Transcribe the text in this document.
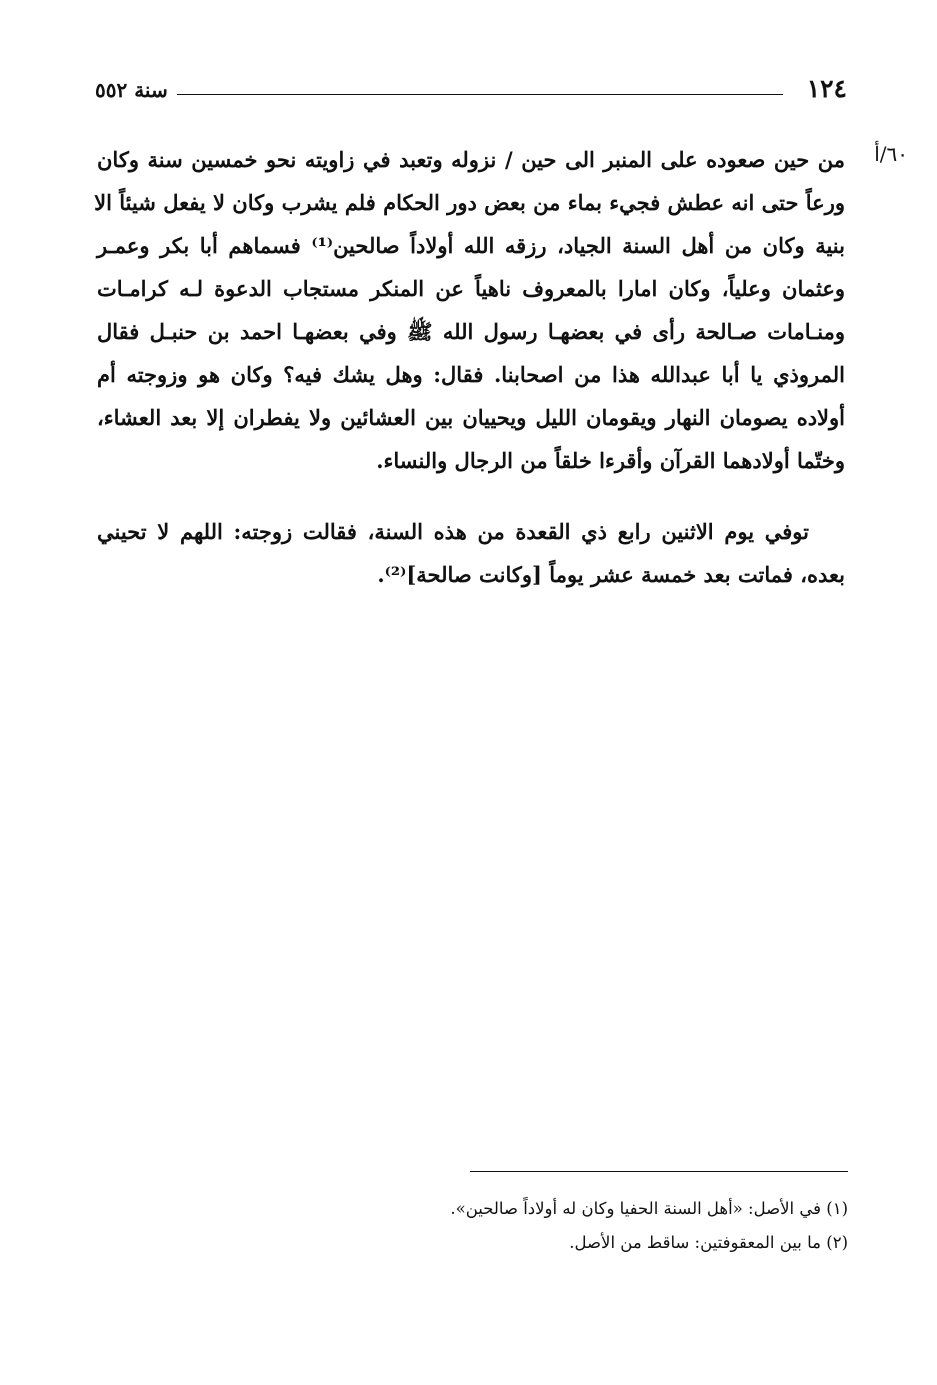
سنة ٥٥٢	١٢٤
٦٠/أ
من حين صعوده على المنبر الى حين / نزوله وتعبد في زاويته نحو خمسين سنة وكان
ورعاً حتى انه عطش فجيء بماء من بعض دور الحكام فلم يشرب وكان لا يفعل شيئاً الا
بنية وكان من أهل السنة الجياد، رزقه الله أولاداً صالحين⁽¹⁾ فسماهم أبا بكر وعمـر
وعثمان وعلياً، وكان امارا بالمعروف ناهياً عن المنكر مستجاب الدعوة لـه كرامـات
ومنـامات صـالحة رأى في بعضهـا رسول الله ﷺ وفي بعضهـا احمد بن حنبـل فقال
المروذي يا أبا عبدالله هذا من اصحابنا. فقال: وهل يشك فيه؟ وكان هو وزوجته أم
أولاده يصومان النهار ويقومان الليل ويحييان بين العشائين ولا يفطران إلا بعد العشاء،
وختّما أولادهما القرآن وأقرءا خلقاً من الرجال والنساء.
توفي يوم الاثنين رابع ذي القعدة من هذه السنة، فقالت زوجته: اللهم لا تحيني
بعده، فماتت بعد خمسة عشر يوماً [وكانت صالحة]⁽²⁾.
(١) في الأصل: «أهل السنة الحفيا وكان له أولاداً صالحين».
(٢) ما بين المعقوفتين: ساقط من الأصل.
